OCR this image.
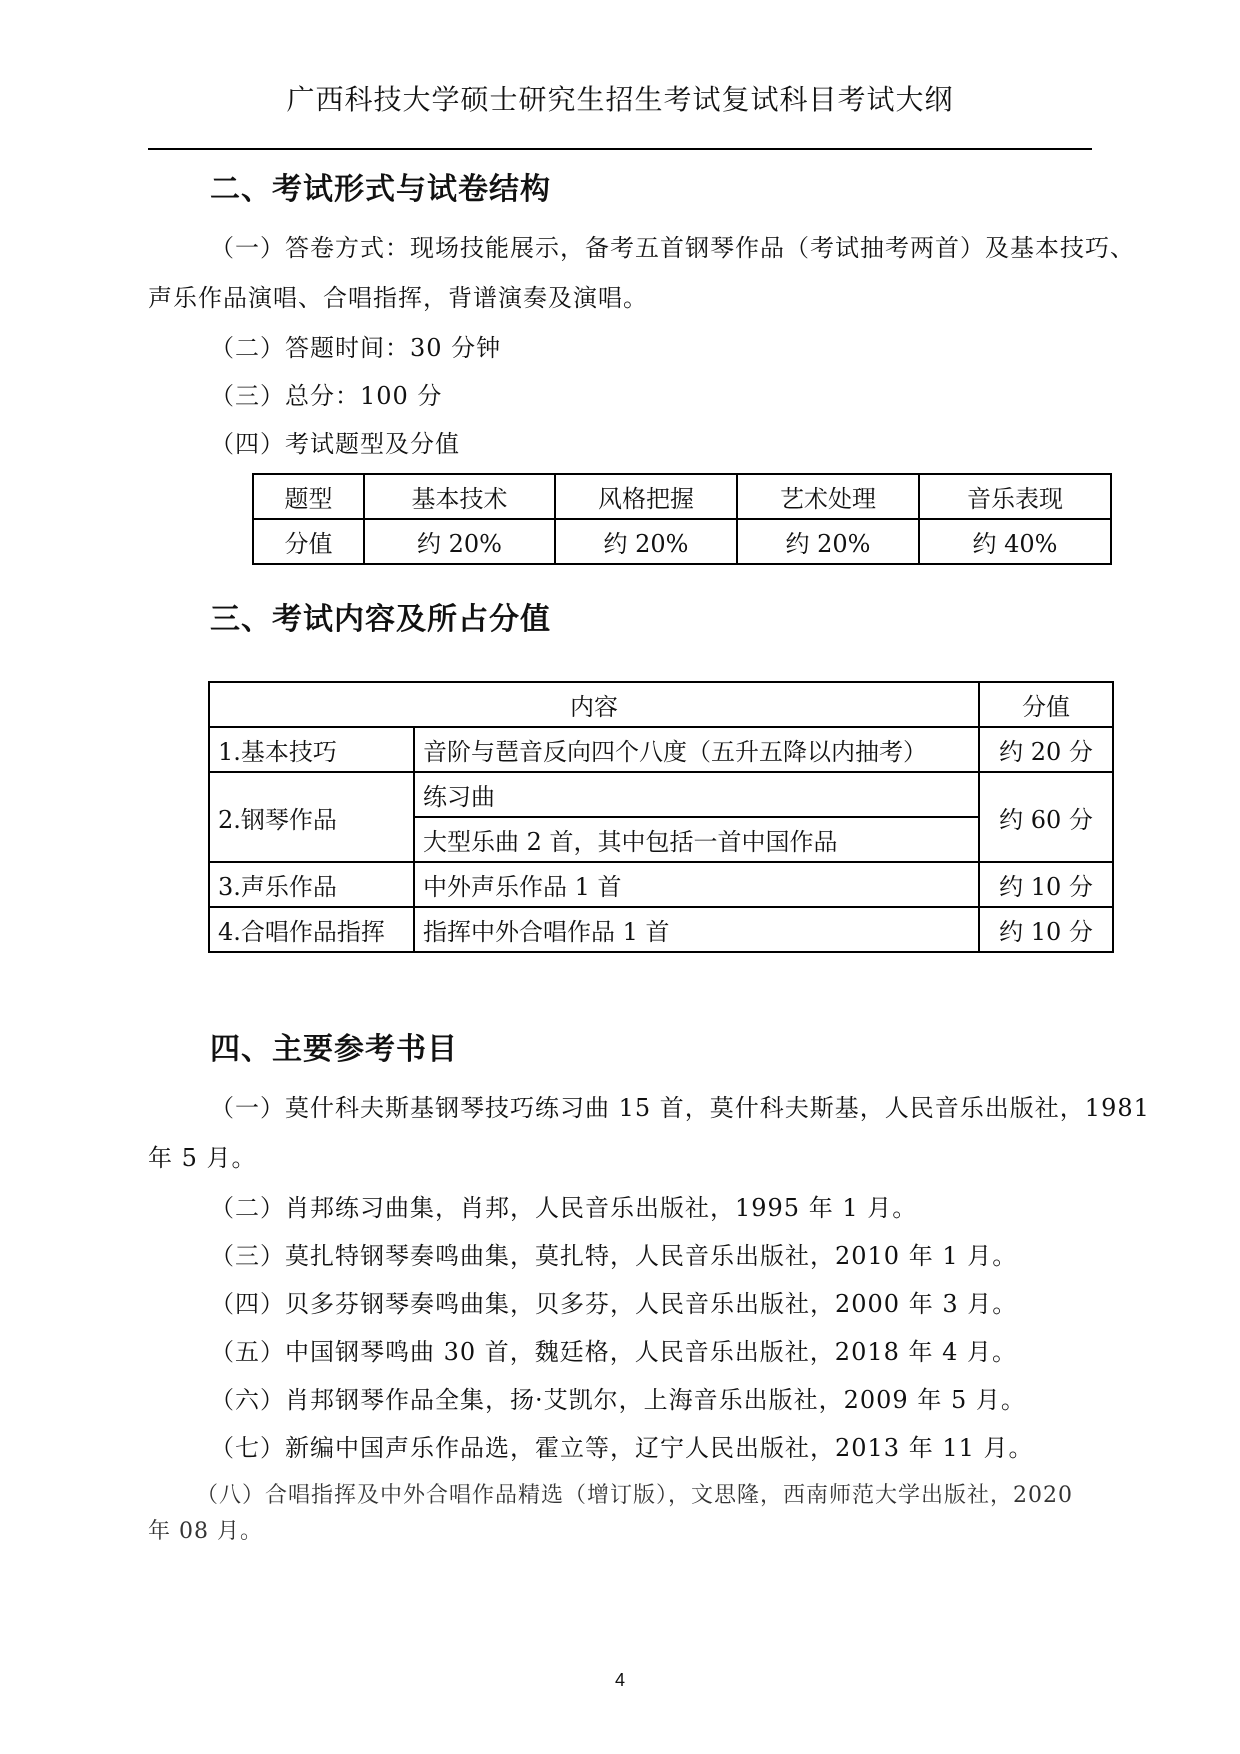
广西科技大学硕士研究生招生考试复试科目考试大纲
二、考试形式与试卷结构
（一）答卷方式：现场技能展示，备考五首钢琴作品（考试抽考两首）及基本技巧、
声乐作品演唱、合唱指挥，背谱演奏及演唱。
（二）答题时间：30 分钟
（三）总分：100 分
（四）考试题型及分值
题型	基本技术	风格把握	艺术处理	音乐表现
分值	约 20%	约 20%	约 20%	约 40%
三、考试内容及所占分值
内容		分值
1.基本技巧	音阶与琶音反向四个八度（五升五降以内抽考）	约 20 分
2.钢琴作品	练习曲	约 60 分
	大型乐曲 2 首，其中包括一首中国作品	
3.声乐作品	中外声乐作品 1 首	约 10 分
4.合唱作品指挥	指挥中外合唱作品 1 首	约 10 分
四、主要参考书目
（一）莫什科夫斯基钢琴技巧练习曲 15 首，莫什科夫斯基，人民音乐出版社，1981
年 5 月。
（二）肖邦练习曲集，肖邦，人民音乐出版社，1995 年 1 月。
（三）莫扎特钢琴奏鸣曲集，莫扎特，人民音乐出版社，2010 年 1 月。
（四）贝多芬钢琴奏鸣曲集，贝多芬，人民音乐出版社，2000 年 3 月。
（五）中国钢琴鸣曲 30 首，魏廷格，人民音乐出版社，2018 年 4 月。
（六）肖邦钢琴作品全集，扬·艾凯尔，上海音乐出版社，2009 年 5 月。
（七）新编中国声乐作品选，霍立等，辽宁人民出版社，2013 年 11 月。
（八）合唱指挥及中外合唱作品精选（增订版），文思隆，西南师范大学出版社，2020
年 08 月。
4
